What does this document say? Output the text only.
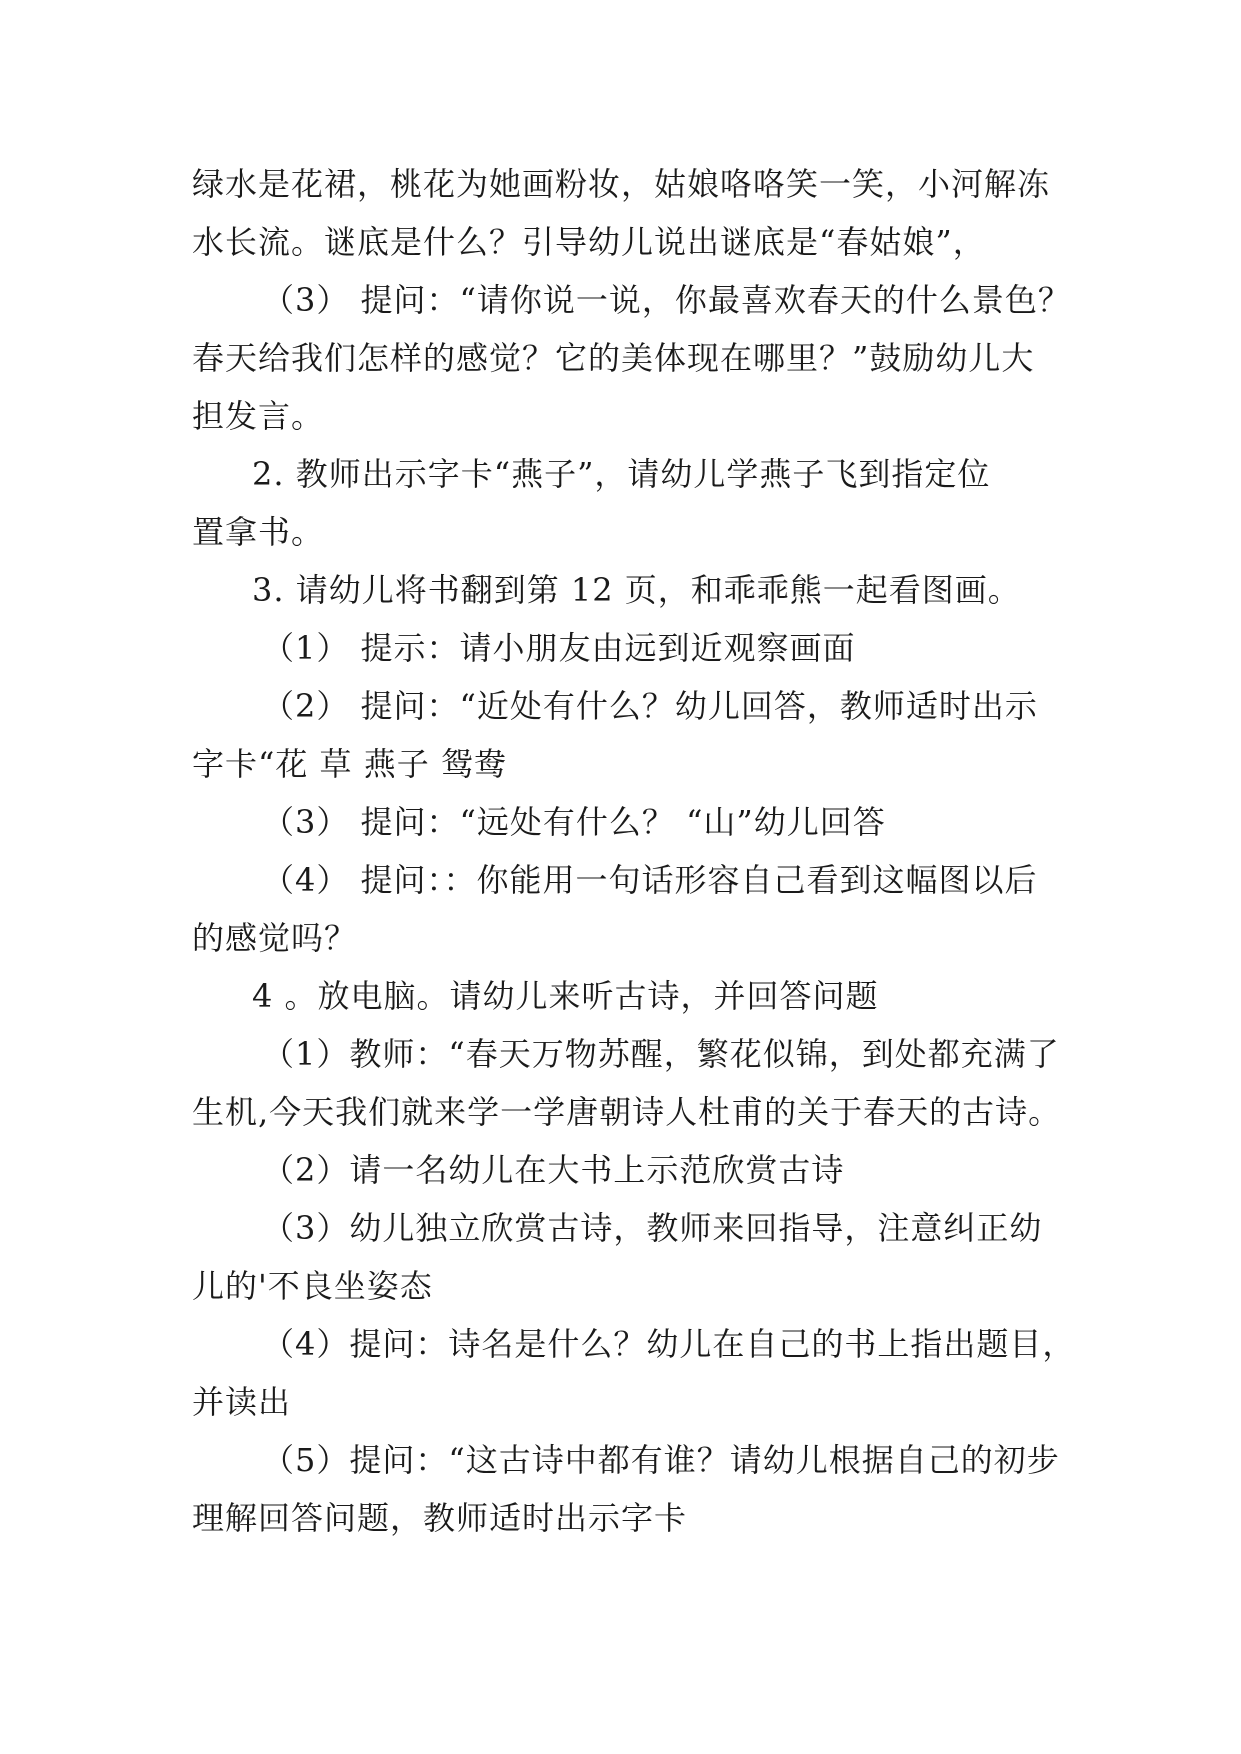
绿水是花裙，桃花为她画粉妆，姑娘咯咯笑一笑，小河解冻
水长流。谜底是什么？引导幼儿说出谜底是“春姑娘”，
（3） 提问：“请你说一说，你最喜欢春天的什么景色？
春天给我们怎样的感觉？它的美体现在哪里？”鼓励幼儿大
担发言。
2. 教师出示字卡“燕子”，请幼儿学燕子飞到指定位
置拿书。
3. 请幼儿将书翻到第 12 页，和乖乖熊一起看图画。
（1） 提示：请小朋友由远到近观察画面
（2） 提问：“近处有什么？幼儿回答，教师适时出示
字卡“花 草 燕子 鸳鸯
（3） 提问：“远处有什么？ “山”幼儿回答
（4） 提问：：你能用一句话形容自己看到这幅图以后
的感觉吗？
4 。放电脑。请幼儿来听古诗，并回答问题
（1）教师：“春天万物苏醒，繁花似锦，到处都充满了
生机,今天我们就来学一学唐朝诗人杜甫的关于春天的古诗。
（2）请一名幼儿在大书上示范欣赏古诗
（3）幼儿独立欣赏古诗，教师来回指导，注意纠正幼
儿的'不良坐姿态
（4）提问：诗名是什么？幼儿在自己的书上指出题目，
并读出
（5）提问：“这古诗中都有谁？请幼儿根据自己的初步
理解回答问题，教师适时出示字卡
